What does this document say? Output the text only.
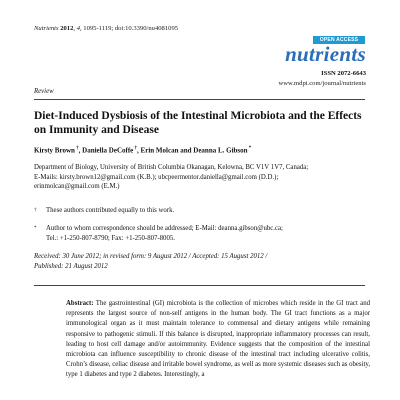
Nutrients 2012, 4, 1095-1119; doi:10.3390/nu4081095
OPEN ACCESS
nutrients
ISSN 2072-6643
www.mdpi.com/journal/nutrients
Review
Diet-Induced Dysbiosis of the Intestinal Microbiota and the Effects on Immunity and Disease
Kirsty Brown †, Daniella DeCoffe †, Erin Molcan and Deanna L. Gibson *
Department of Biology, University of British Columbia Okanagan, Kelowna, BC V1V 1V7, Canada;
E-Mails: kirsty.brown12@gmail.com (K.B.); ubcpeermentor.daniella@gmail.com (D.D.);
erinmolcan@gmail.com (E.M.)
† These authors contributed equally to this work.
* Author to whom correspondence should be addressed; E-Mail: deanna.gibson@ubc.ca;
Tel.: +1-250-807-8790; Fax: +1-250-807-8005.
Received: 30 June 2012; in revised form: 9 August 2012 / Accepted: 15 August 2012 /
Published: 21 August 2012
Abstract: The gastrointestinal (GI) microbiota is the collection of microbes which reside in the GI tract and represents the largest source of non-self antigens in the human body. The GI tract functions as a major immunological organ as it must maintain tolerance to commensal and dietary antigens while remaining responsive to pathogenic stimuli. If this balance is disrupted, inappropriate inflammatory processes can result, leading to host cell damage and/or autoimmunity. Evidence suggests that the composition of the intestinal microbiota can influence susceptibility to chronic disease of the intestinal tract including ulcerative colitis, Crohn’s disease, celiac disease and irritable bowel syndrome, as well as more systemic diseases such as obesity, type 1 diabetes and type 2 diabetes. Interestingly, a
